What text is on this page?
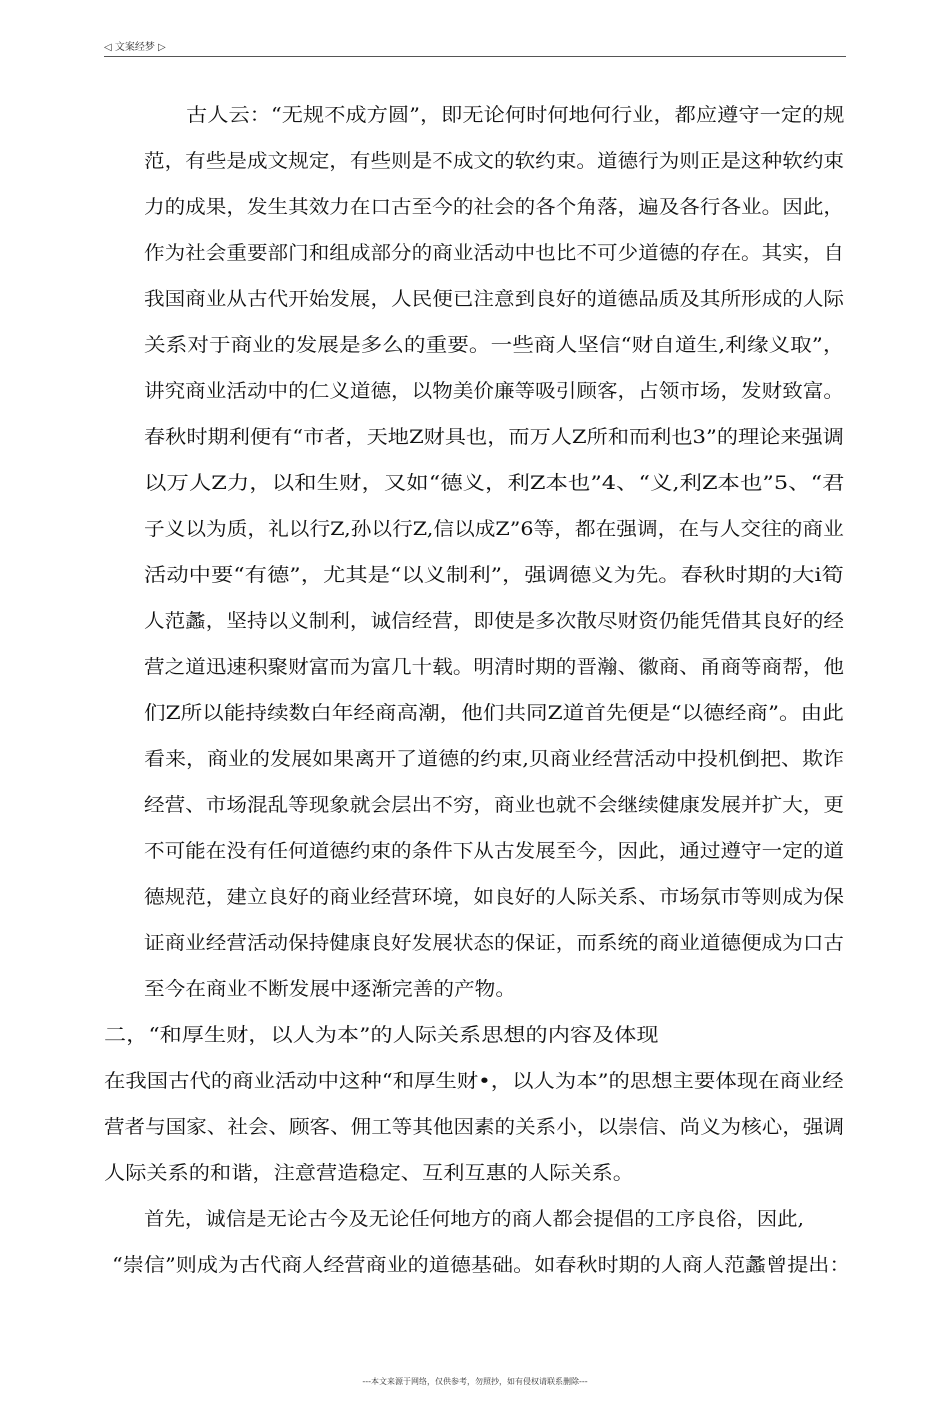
◁ 文案经梦 ▷
古人云：“无规不成方圆”，即无论何时何地何行业，都应遵守一定的规
范，有些是成文规定，有些则是不成文的软约束。道德行为则正是这种软约束
力的成果，发生其效力在口古至今的社会的各个角落，遍及各行各业。因此，
作为社会重要部门和组成部分的商业活动中也比不可少道德的存在。其实，自
我国商业从古代开始发展，人民便已注意到良好的道德品质及其所形成的人际
关系对于商业的发展是多么的重要。一些商人坚信“财自道生,利缘义取”，
讲究商业活动中的仁义道德，以物美价廉等吸引顾客，占领市场，发财致富。
春秋时期利便有“市者，天地Z财具也，而万人Z所和而利也3”的理论来强调
以万人Z力，以和生财，又如“德义，利Z本也”4、“义,利Z本也”5、“君
子义以为质，礼以行Z,孙以行Z,信以成Z”6等，都在强调，在与人交往的商业
活动中要“有德”，尤其是“以义制利”，强调德义为先。春秋时期的大i筍
人范蠡，坚持以义制利，诚信经营，即使是多次散尽财资仍能凭借其良好的经
营之道迅速积聚财富而为富几十载。明清时期的晋瀚、徽商、甬商等商帮，他
们Z所以能持续数白年经商高潮，他们共同Z道首先便是“以德经商”。由此
看来，商业的发展如果离开了道德的约束,贝商业经营活动中投机倒把、欺诈
经营、市场混乱等现象就会层出不穷，商业也就不会继续健康发展并扩大，更
不可能在没有任何道德约束的条件下从古发展至今，因此，通过遵守一定的道
德规范，建立良好的商业经营环境，如良好的人际关系、市场氛巿等则成为保
证商业经营活动保持健康良好发展状态的保证，而系统的商业道德便成为口古
至今在商业不断发展中逐渐完善的产物。
二，“和厚生财，以人为本”的人际关系思想的内容及体现
在我国古代的商业活动中这种“和厚生财•，以人为本”的思想主要体现在商业经
营者与国家、社会、顾客、佣工等其他因素的关系小，以崇信、尚义为核心，强调
人际关系的和谐，注意营造稳定、互利互惠的人际关系。
首先，诚信是无论古今及无论任何地方的商人都会提倡的工序良俗，因此,
“崇信”则成为古代商人经营商业的道德基础。如春秋时期的人商人范蠡曾提出：
---本文来源于网络，仅供参考，勿照抄，如有侵权请联系删除---
